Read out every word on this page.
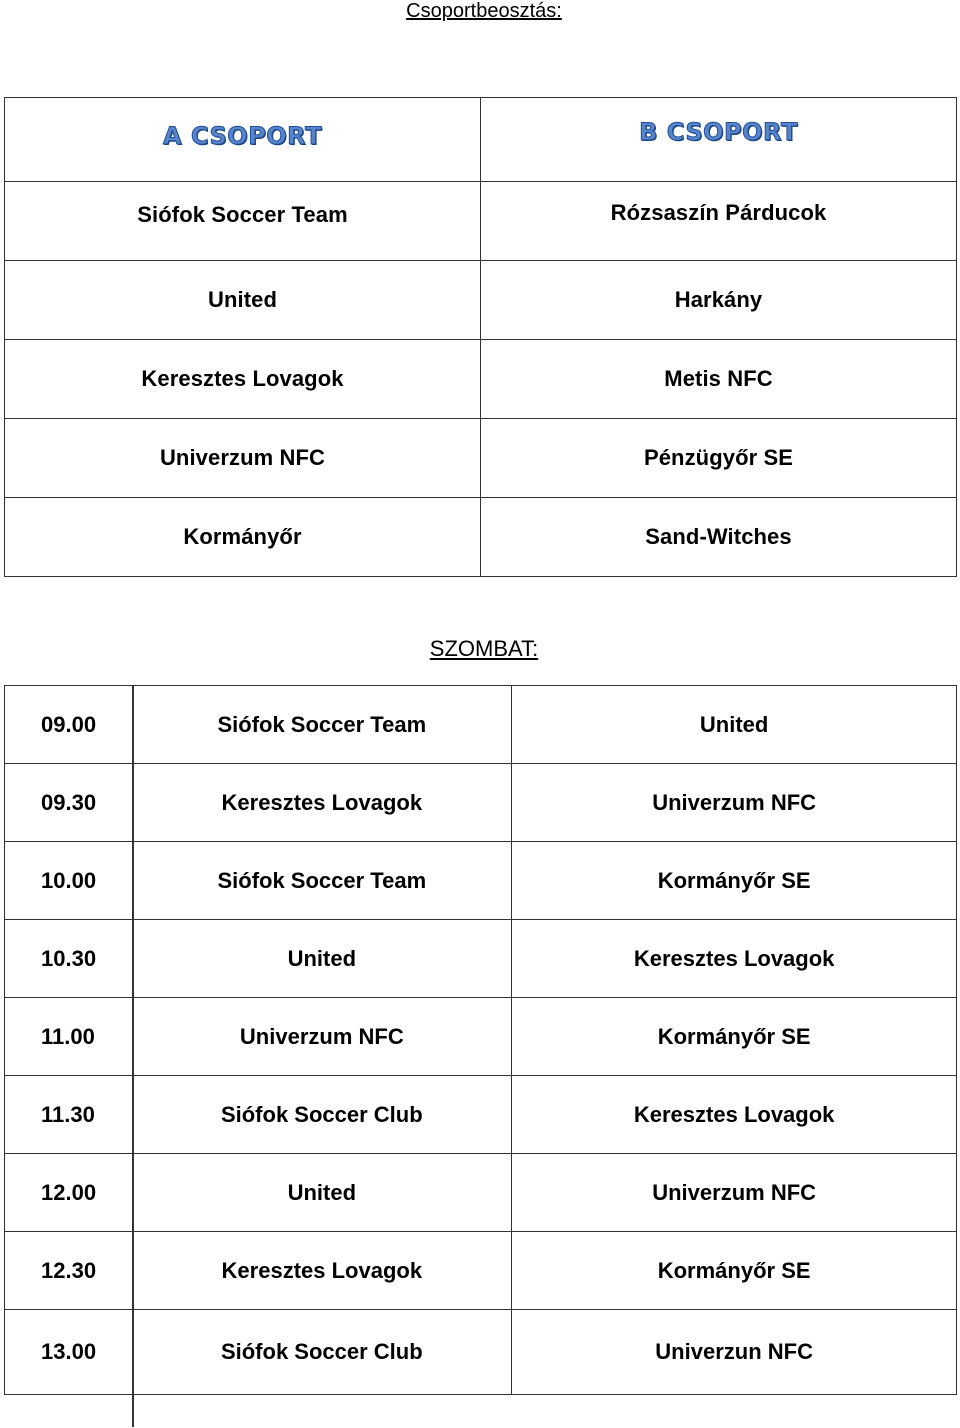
Csoportbeosztás:
A CSOPORT	B CSOPORT
Siófok Soccer Team	Rózsaszín Párducok
United	Harkány
Keresztes Lovagok	Metis NFC
Univerzum NFC	Pénzügyőr SE
Kormányőr	Sand-Witches
SZOMBAT:
09.00	Siófok Soccer Team	United
09.30	Keresztes Lovagok	Univerzum NFC
10.00	Siófok Soccer Team	Kormányőr SE
10.30	United	Keresztes Lovagok
11.00	Univerzum NFC	Kormányőr SE
11.30	Siófok Soccer Club	Keresztes Lovagok
12.00	United	Univerzum NFC
12.30	Keresztes Lovagok	Kormányőr SE
13.00	Siófok Soccer Club	Univerzun NFC
